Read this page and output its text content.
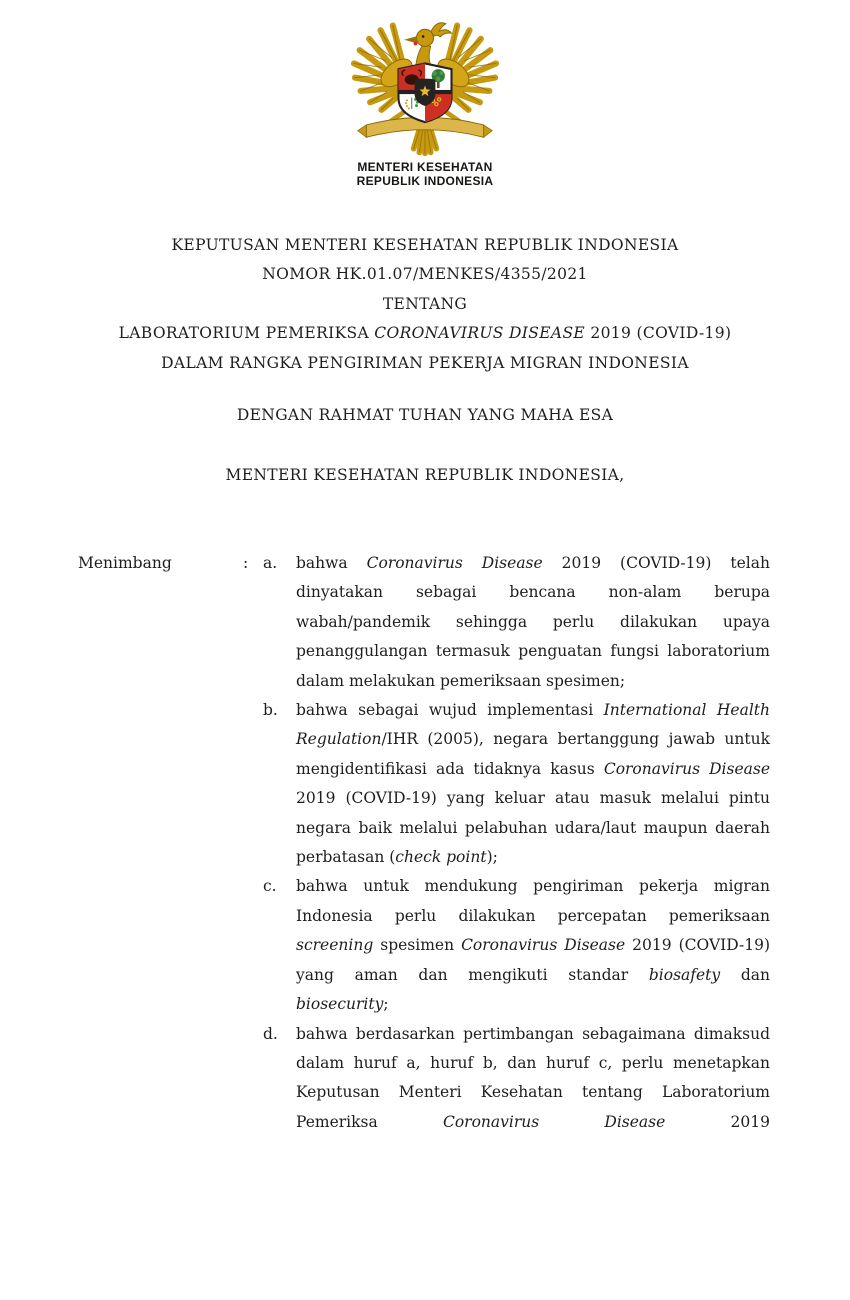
MENTERI KESEHATAN
REPUBLIK INDONESIA
KEPUTUSAN MENTERI KESEHATAN REPUBLIK INDONESIA
NOMOR HK.01.07/MENKES/4355/2021
TENTANG
LABORATORIUM PEMERIKSA CORONAVIRUS DISEASE 2019 (COVID-19)
DALAM RANGKA PENGIRIMAN PEKERJA MIGRAN INDONESIA
DENGAN RAHMAT TUHAN YANG MAHA ESA
MENTERI KESEHATAN REPUBLIK INDONESIA,
Menimbang	: a.	bahwa Coronavirus Disease 2019 (COVID-19) telah dinyatakan sebagai bencana non-alam berupa wabah/pandemik sehingga perlu dilakukan upaya penanggulangan termasuk penguatan fungsi laboratorium dalam melakukan pemeriksaan spesimen;
b.	bahwa sebagai wujud implementasi International Health Regulation/IHR (2005), negara bertanggung jawab untuk mengidentifikasi ada tidaknya kasus Coronavirus Disease 2019 (COVID-19) yang keluar atau masuk melalui pintu negara baik melalui pelabuhan udara/laut maupun daerah perbatasan (check point);
c.	bahwa untuk mendukung pengiriman pekerja migran Indonesia perlu dilakukan percepatan pemeriksaan screening spesimen Coronavirus Disease 2019 (COVID-19) yang aman dan mengikuti standar biosafety dan biosecurity;
d.	bahwa berdasarkan pertimbangan sebagaimana dimaksud dalam huruf a, huruf b, dan huruf c, perlu menetapkan Keputusan Menteri Kesehatan tentang Laboratorium Pemeriksa Coronavirus Disease 2019
